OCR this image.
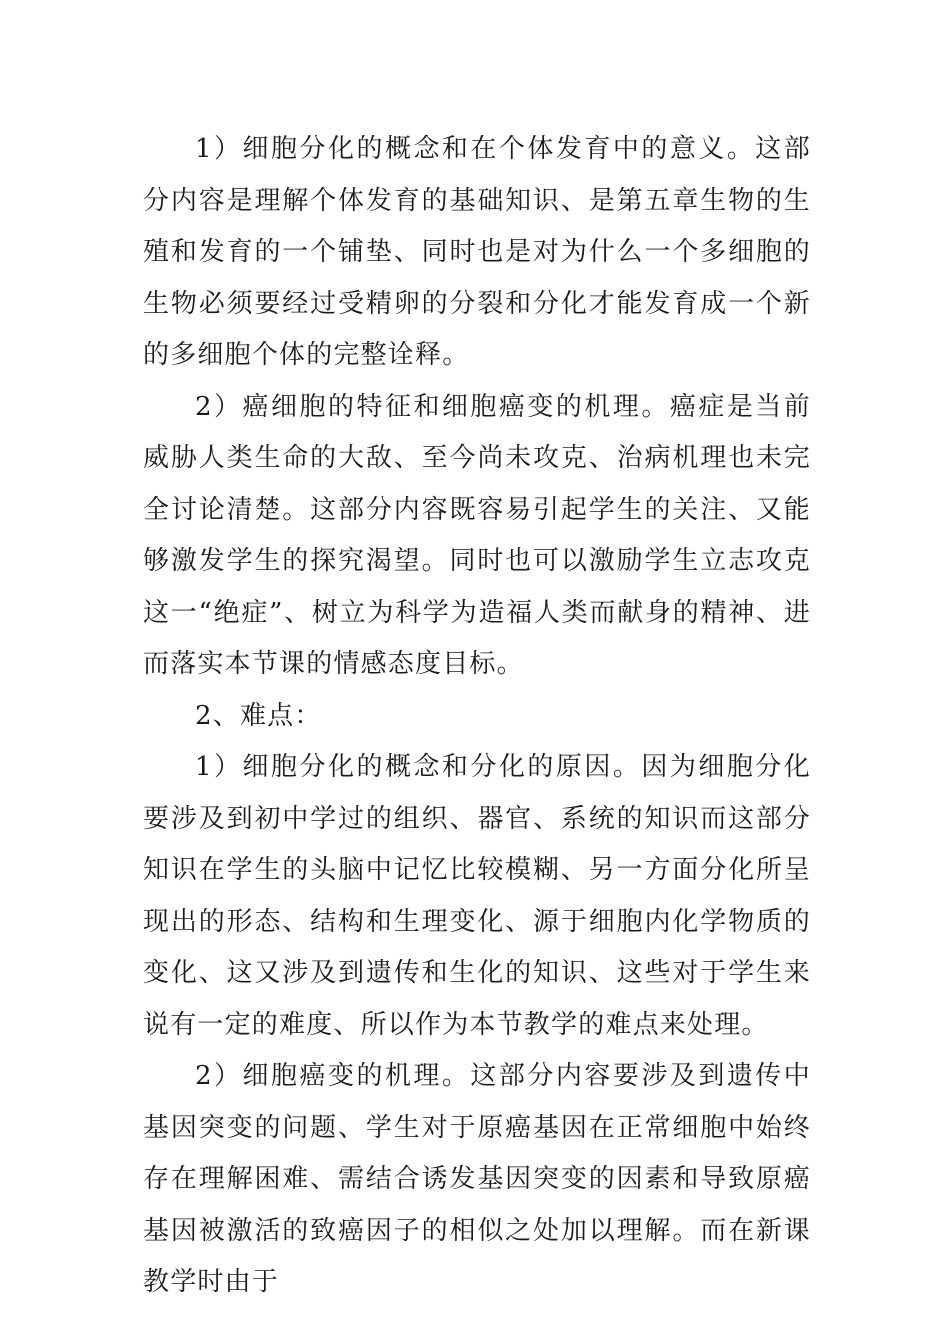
1）细胞分化的概念和在个体发育中的意义。这部分内容是理解个体发育的基础知识、是第五章生物的生殖和发育的一个铺垫、同时也是对为什么一个多细胞的生物必须要经过受精卵的分裂和分化才能发育成一个新的多细胞个体的完整诠释。

2）癌细胞的特征和细胞癌变的机理。癌症是当前威胁人类生命的大敌、至今尚未攻克、治病机理也未完全讨论清楚。这部分内容既容易引起学生的关注、又能够激发学生的探究渴望。同时也可以激励学生立志攻克这一“绝症”、树立为科学为造福人类而献身的精神、进而落实本节课的情感态度目标。

2、难点：

1）细胞分化的概念和分化的原因。因为细胞分化要涉及到初中学过的组织、器官、系统的知识而这部分知识在学生的头脑中记忆比较模糊、另一方面分化所呈现出的形态、结构和生理变化、源于细胞内化学物质的变化、这又涉及到遗传和生化的知识、这些对于学生来说有一定的难度、所以作为本节教学的难点来处理。

2）细胞癌变的机理。这部分内容要涉及到遗传中基因突变的问题、学生对于原癌基因在正常细胞中始终存在理解困难、需结合诱发基因突变的因素和导致原癌基因被激活的致癌因子的相似之处加以理解。而在新课教学时由于
